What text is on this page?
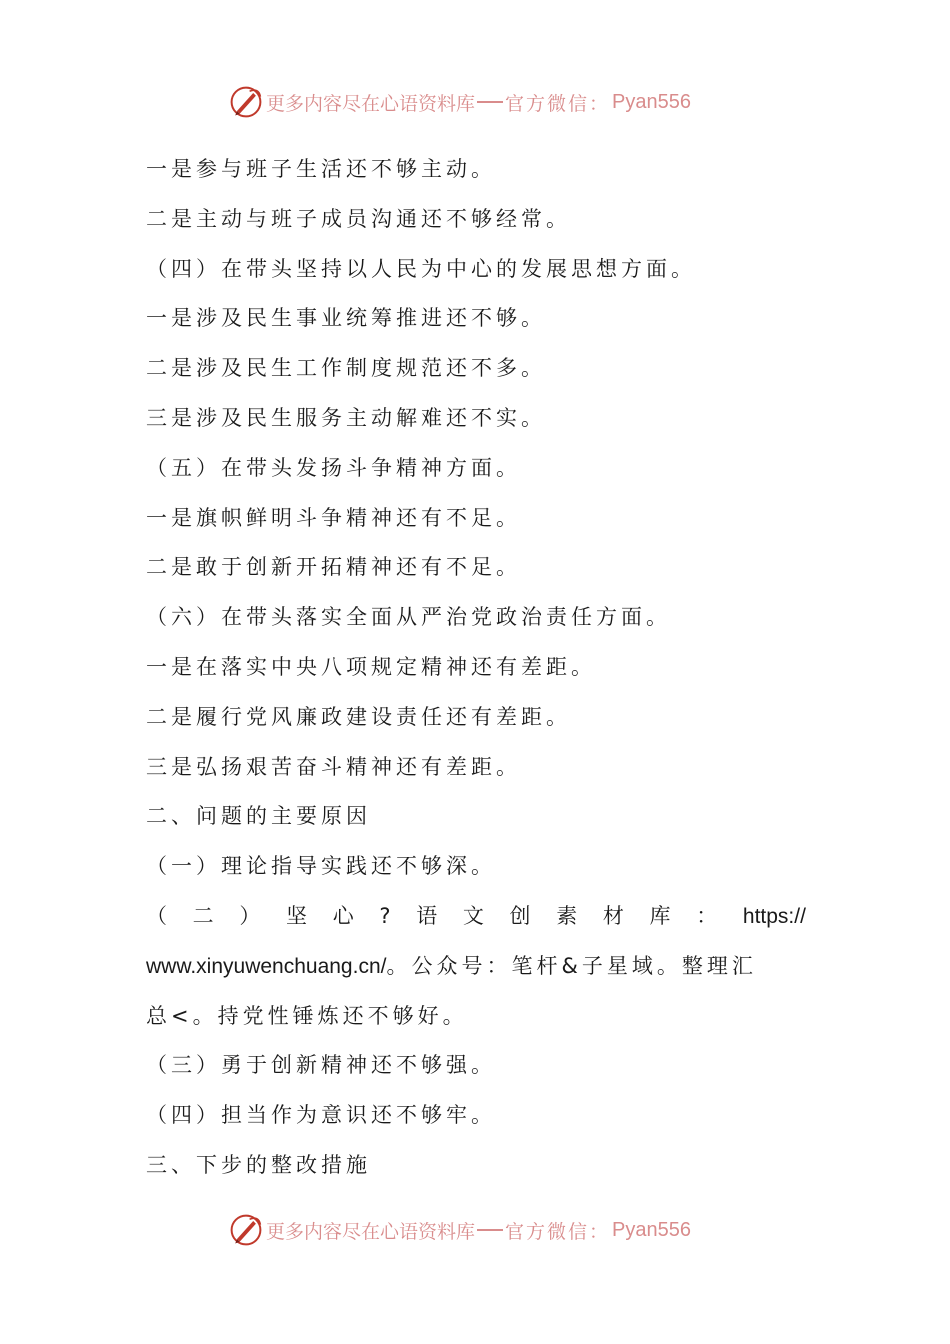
更多内容尽在心语资料库 官方微信： Pyan556
一是参与班子生活还不够主动。
二是主动与班子成员沟通还不够经常。
（四）在带头坚持以人民为中心的发展思想方面。
一是涉及民生事业统筹推进还不够。
二是涉及民生工作制度规范还不多。
三是涉及民生服务主动解难还不实。
（五）在带头发扬斗争精神方面。
一是旗帜鲜明斗争精神还有不足。
二是敢于创新开拓精神还有不足。
（六）在带头落实全面从严治党政治责任方面。
一是在落实中央八项规定精神还有差距。
二是履行党风廉政建设责任还有差距。
三是弘扬艰苦奋斗精神还有差距。
二、问题的主要原因
（一）理论指导实践还不够深。
（ 二 ） 坚 心 ? 语 文 创 素 材 库 ： https://
www.xinyuwenchuang.cn/。公众号：笔杆&子星域。整理汇
总<。持党性锤炼还不够好。
（三）勇于创新精神还不够强。
（四）担当作为意识还不够牢。
三、下步的整改措施
更多内容尽在心语资料库 官方微信： Pyan556
